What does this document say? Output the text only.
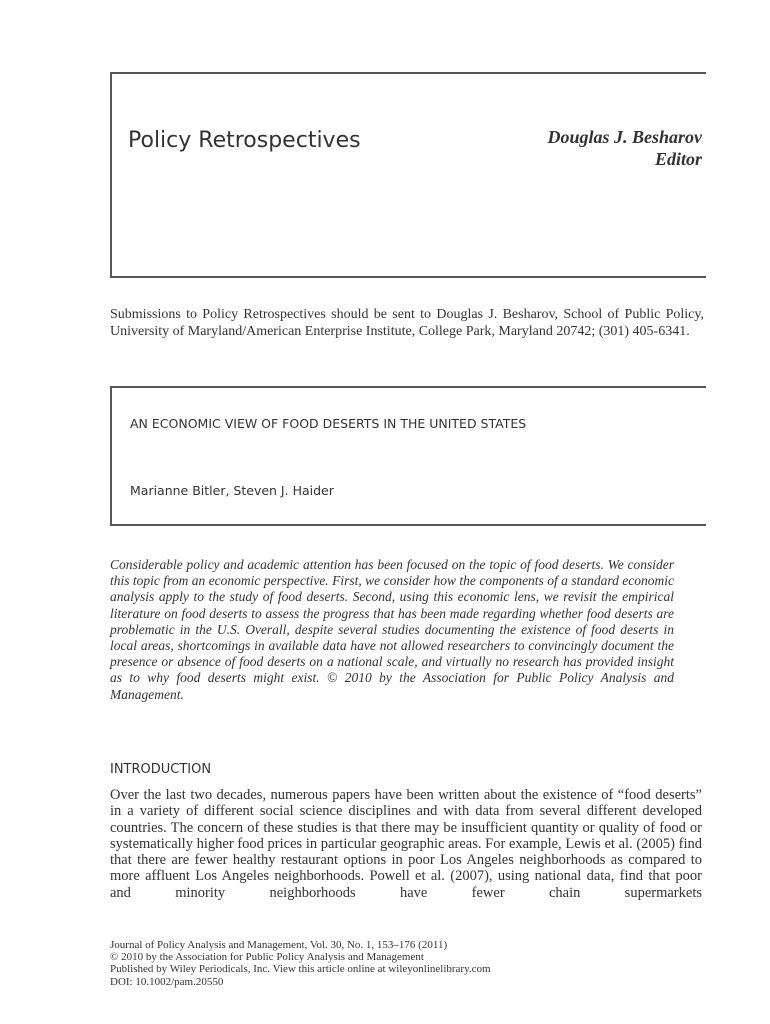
Policy Retrospectives	Douglas J. Besharov
Editor
Submissions to Policy Retrospectives should be sent to Douglas J. Besharov, School of Public Policy, University of Maryland/American Enterprise Institute, College Park, Maryland 20742; (301) 405-6341.
AN ECONOMIC VIEW OF FOOD DESERTS IN THE UNITED STATES
Marianne Bitler, Steven J. Haider
Considerable policy and academic attention has been focused on the topic of food deserts. We consider this topic from an economic perspective. First, we consider how the components of a standard economic analysis apply to the study of food deserts. Second, using this economic lens, we revisit the empirical literature on food deserts to assess the progress that has been made regarding whether food deserts are problematic in the U.S. Overall, despite several studies documenting the existence of food deserts in local areas, shortcomings in available data have not allowed researchers to convincingly document the presence or absence of food deserts on a national scale, and virtually no research has provided insight as to why food deserts might exist. © 2010 by the Association for Public Policy Analysis and Management.
INTRODUCTION
Over the last two decades, numerous papers have been written about the existence of “food deserts” in a variety of different social science disciplines and with data from several different developed countries. The concern of these studies is that there may be insufficient quantity or quality of food or systematically higher food prices in particular geographic areas. For example, Lewis et al. (2005) find that there are fewer healthy restaurant options in poor Los Angeles neighborhoods as compared to more affluent Los Angeles neighborhoods. Powell et al. (2007), using national data, find that poor and minority neighborhoods have fewer chain supermarkets
Journal of Policy Analysis and Management, Vol. 30, No. 1, 153–176 (2011)
© 2010 by the Association for Public Policy Analysis and Management
Published by Wiley Periodicals, Inc. View this article online at wileyonlinelibrary.com
DOI: 10.1002/pam.20550
